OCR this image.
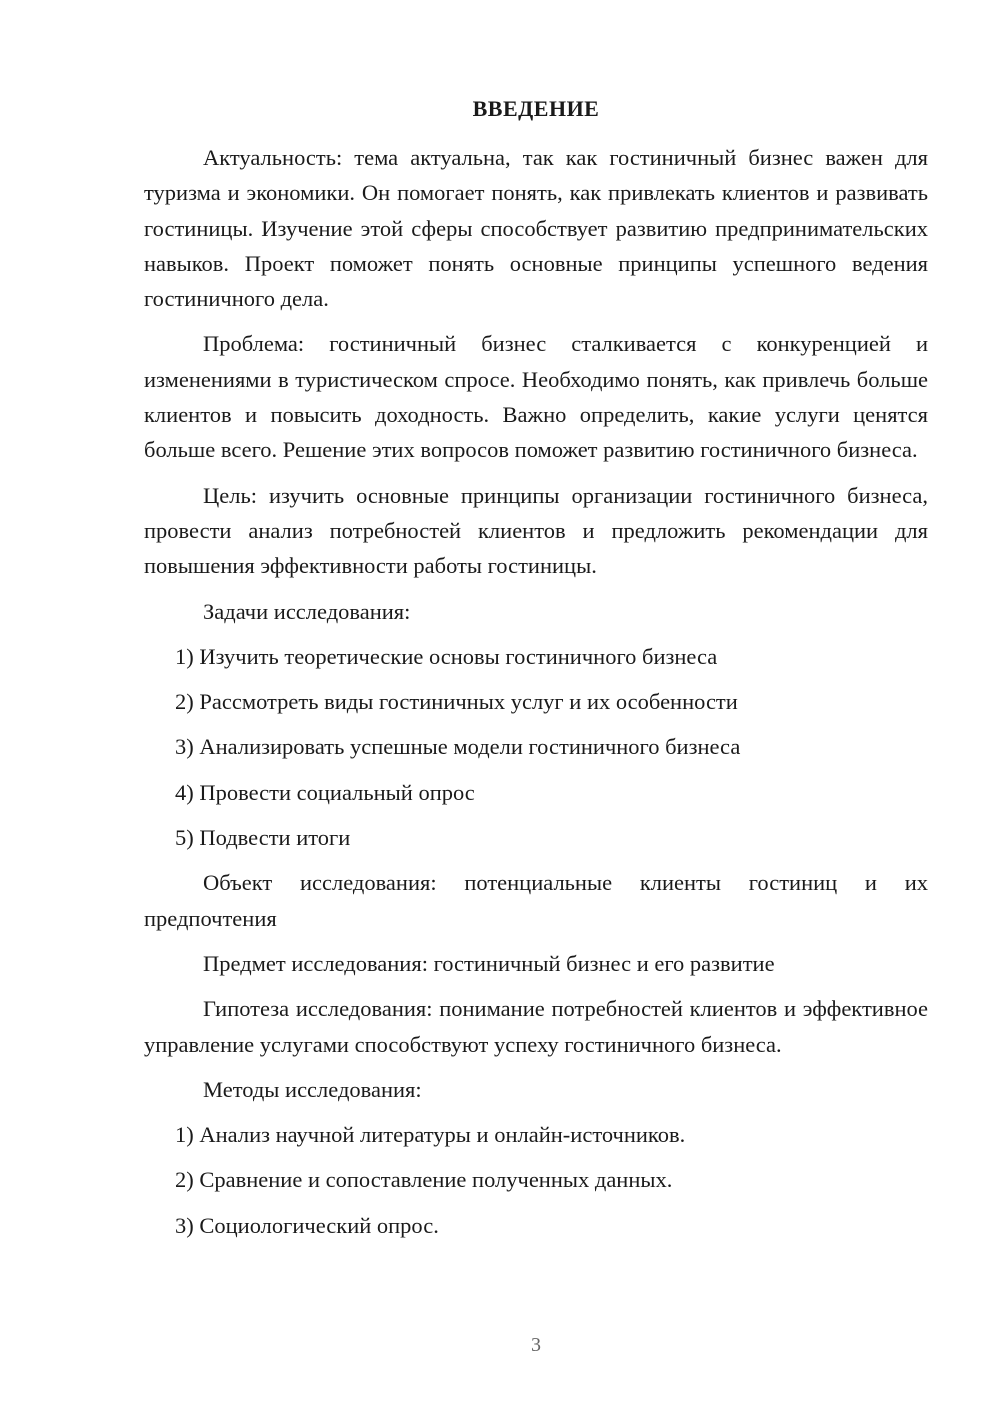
ВВЕДЕНИЕ

Актуальность: тема актуальна, так как гостиничный бизнес важен для туризма и экономики. Он помогает понять, как привлекать клиентов и развивать гостиницы. Изучение этой сферы способствует развитию предпринимательских навыков. Проект поможет понять основные принципы успешного ведения гостиничного дела.

Проблема: гостиничный бизнес сталкивается с конкуренцией и изменениями в туристическом спросе. Необходимо понять, как привлечь больше клиентов и повысить доходность. Важно определить, какие услуги ценятся больше всего. Решение этих вопросов поможет развитию гостиничного бизнеса.

Цель: изучить основные принципы организации гостиничного бизнеса, провести анализ потребностей клиентов и предложить рекомендации для повышения эффективности работы гостиницы.

Задачи исследования:

1) Изучить теоретические основы гостиничного бизнеса
2) Рассмотреть виды гостиничных услуг и их особенности
3) Анализировать успешные модели гостиничного бизнеса
4) Провести социальный опрос
5) Подвести итоги

Объект исследования: потенциальные клиенты гостиниц и их предпочтения

Предмет исследования: гостиничный бизнес и его развитие

Гипотеза исследования: понимание потребностей клиентов и эффективное управление услугами способствуют успеху гостиничного бизнеса.

Методы исследования:

1) Анализ научной литературы и онлайн-источников.
2) Сравнение и сопоставление полученных данных.
3) Социологический опрос.
3
